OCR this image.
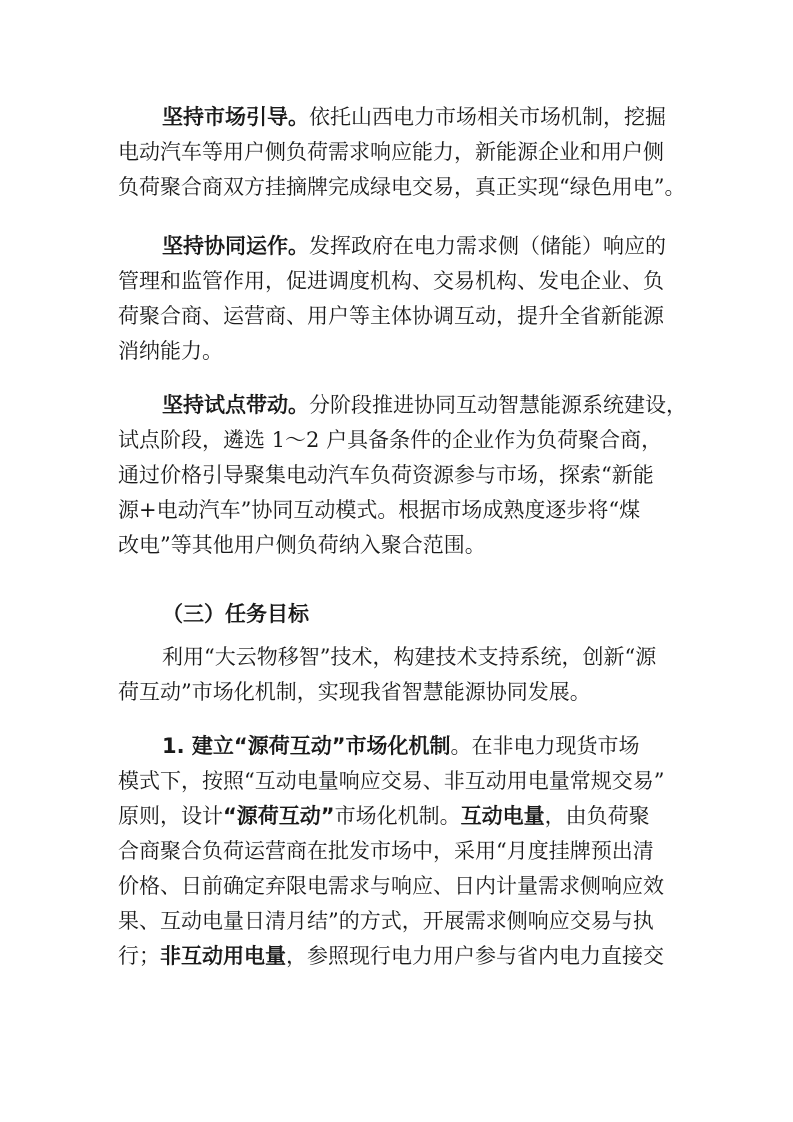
坚持市场引导。依托山西电力市场相关市场机制，挖掘
电动汽车等用户侧负荷需求响应能力，新能源企业和用户侧
负荷聚合商双方挂摘牌完成绿电交易，真正实现“绿色用电”。
坚持协同运作。发挥政府在电力需求侧（储能）响应的
管理和监管作用，促进调度机构、交易机构、发电企业、负
荷聚合商、运营商、用户等主体协调互动，提升全省新能源
消纳能力。
坚持试点带动。分阶段推进协同互动智慧能源系统建设，
试点阶段，遴选 1～2 户具备条件的企业作为负荷聚合商，
通过价格引导聚集电动汽车负荷资源参与市场，探索“新能
源+电动汽车”协同互动模式。根据市场成熟度逐步将“煤
改电”等其他用户侧负荷纳入聚合范围。
（三）任务目标
利用“大云物移智”技术，构建技术支持系统，创新“源
荷互动”市场化机制，实现我省智慧能源协同发展。
1. 建立“源荷互动”市场化机制。在非电力现货市场
模式下，按照“互动电量响应交易、非互动用电量常规交易”
原则，设计“源荷互动”市场化机制。互动电量，由负荷聚
合商聚合负荷运营商在批发市场中，采用“月度挂牌预出清
价格、日前确定弃限电需求与响应、日内计量需求侧响应效
果、互动电量日清月结”的方式，开展需求侧响应交易与执
行；非互动用电量，参照现行电力用户参与省内电力直接交
